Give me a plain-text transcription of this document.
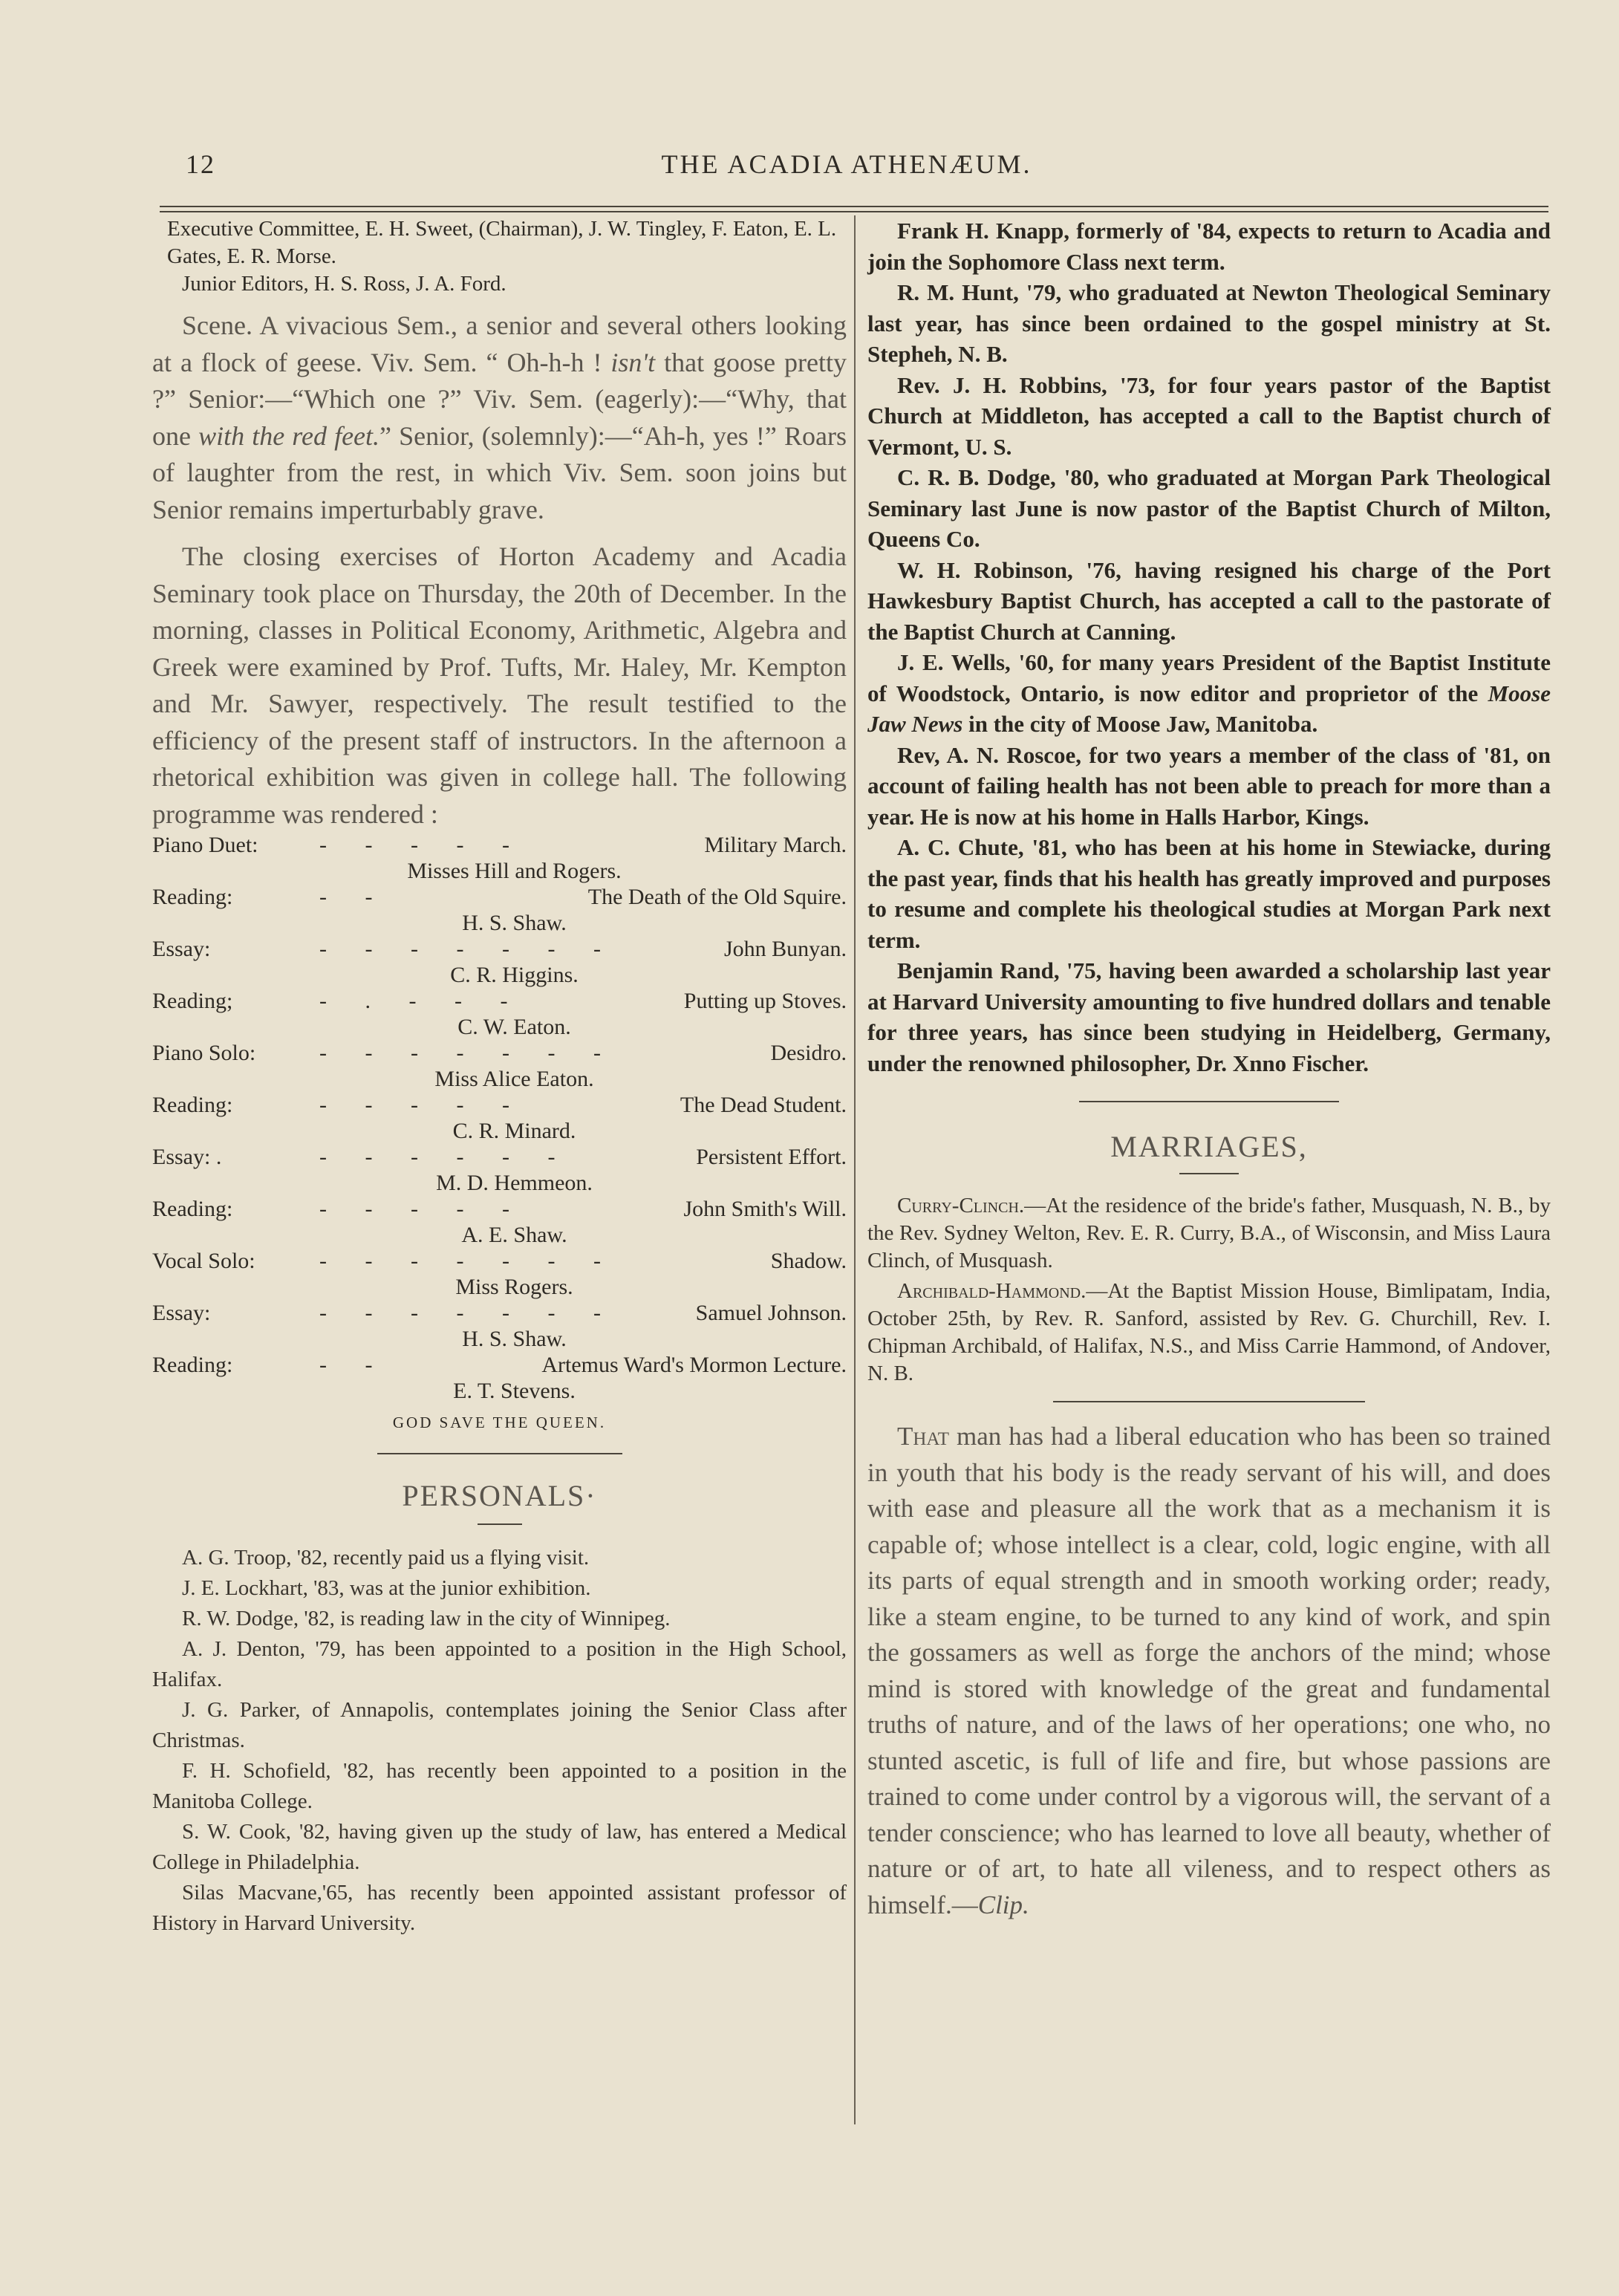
12	THE ACADIA ATHENÆUM.

Executive Committee, E. H. Sweet, (Chairman), J. W. Tingley, F. Eaton, E. L. Gates, E. R. Morse.

Junior Editors, H. S. Ross, J. A. Ford.

Scene. A vivacious Sem., a senior and several others looking at a flock of geese. Viv. Sem. “ Oh-h-h ! isn't that goose pretty ?” Senior:—“Which one ?” Viv. Sem. (eagerly):—“Why, that one with the red feet.” Senior, (solemnly):—“Ah-h, yes !” Roars of laughter from the rest, in which Viv. Sem. soon joins but Senior remains imperturbably grave.

The closing exercises of Horton Academy and Acadia Seminary took place on Thursday, the 20th of December. In the morning, classes in Political Economy, Arithmetic, Algebra and Greek were examined by Prof. Tufts, Mr. Haley, Mr. Kempton and Mr. Sawyer, respectively. The result testified to the efficiency of the present staff of instructors. In the afternoon a rhetorical exhibition was given in college hall. The following programme was rendered :

Piano Duet:	- - - - -	Military March.
Misses Hill and Rogers.
Reading:	- -	The Death of the Old Squire.
H. S. Shaw.
Essay:	- - - - - - -	John Bunyan.
C. R. Higgins.
Reading;	- . - - -	Putting up Stoves.
C. W. Eaton.
Piano Solo:	- - - - - - -	Desidro.
Miss Alice Eaton.
Reading:	- - - - -	The Dead Student.
C. R. Minard.
Essay: .	- - - - - -	Persistent Effort.
M. D. Hemmeon.
Reading:	- - - - -	John Smith's Will.
A. E. Shaw.
Vocal Solo:	- - - - - - -	Shadow.
Miss Rogers.
Essay:	- - - - - - -	Samuel Johnson.
H. S. Shaw.
Reading:	- -	Artemus Ward's Mormon Lecture.
E. T. Stevens.
GOD SAVE THE QUEEN.
PERSONALS·

A. G. Troop, '82, recently paid us a flying visit.

J. E. Lockhart, '83, was at the junior exhibition.

R. W. Dodge, '82, is reading law in the city of Winnipeg.

A. J. Denton, '79, has been appointed to a position in the High School, Halifax.

J. G. Parker, of Annapolis, contemplates joining the Senior Class after Christmas.

F. H. Schofield, '82, has recently been appointed to a position in the Manitoba College.

S. W. Cook, '82, having given up the study of law, has entered a Medical College in Philadelphia.

Silas Macvane,'65, has recently been appointed assistant professor of History in Harvard University.

Frank H. Knapp, formerly of '84, expects to return to Acadia and join the Sophomore Class next term.

R. M. Hunt, '79, who graduated at Newton Theological Seminary last year, has since been ordained to the gospel ministry at St. Stepheh, N. B.

Rev. J. H. Robbins, '73, for four years pastor of the Baptist Church at Middleton, has accepted a call to the Baptist church of Vermont, U. S.

C. R. B. Dodge, '80, who graduated at Morgan Park Theological Seminary last June is now pastor of the Baptist Church of Milton, Queens Co.

W. H. Robinson, '76, having resigned his charge of the Port Hawkesbury Baptist Church, has accepted a call to the pastorate of the Baptist Church at Canning.

J. E. Wells, '60, for many years President of the Baptist Institute of Woodstock, Ontario, is now editor and proprietor of the Moose Jaw News in the city of Moose Jaw, Manitoba.

Rev, A. N. Roscoe, for two years a member of the class of '81, on account of failing health has not been able to preach for more than a year. He is now at his home in Halls Harbor, Kings.

A. C. Chute, '81, who has been at his home in Stewiacke, during the past year, finds that his health has greatly improved and purposes to resume and complete his theological studies at Morgan Park next term.

Benjamin Rand, '75, having been awarded a scholarship last year at Harvard University amounting to five hundred dollars and tenable for three years, has since been studying in Heidelberg, Germany, under the renowned philosopher, Dr. Xnno Fischer.

MARRIAGES,

Curry-Clinch.—At the residence of the bride's father, Musquash, N. B., by the Rev. Sydney Welton, Rev. E. R. Curry, B.A., of Wisconsin, and Miss Laura Clinch, of Musquash.

Archibald-Hammond.—At the Baptist Mission House, Bimlipatam, India, October 25th, by Rev. R. Sanford, assisted by Rev. G. Churchill, Rev. I. Chipman Archibald, of Halifax, N.S., and Miss Carrie Hammond, of Andover, N. B.

That man has had a liberal education who has been so trained in youth that his body is the ready servant of his will, and does with ease and pleasure all the work that as a mechanism it is capable of; whose intellect is a clear, cold, logic engine, with all its parts of equal strength and in smooth working order; ready, like a steam engine, to be turned to any kind of work, and spin the gossamers as well as forge the anchors of the mind; whose mind is stored with knowledge of the great and fundamental truths of nature, and of the laws of her operations; one who, no stunted ascetic, is full of life and fire, but whose passions are trained to come under control by a vigorous will, the servant of a tender conscience; who has learned to love all beauty, whether of nature or of art, to hate all vileness, and to respect others as himself.—Clip.
